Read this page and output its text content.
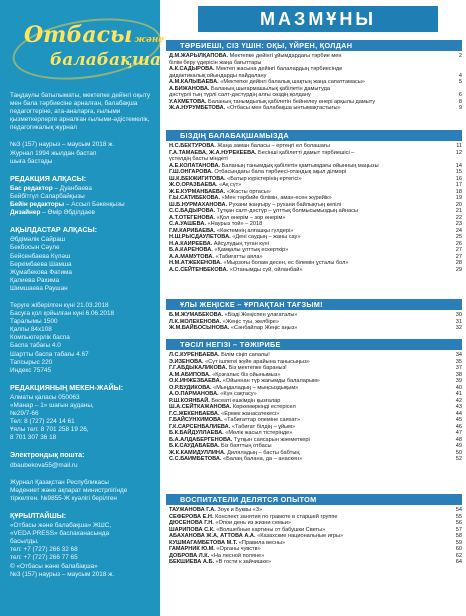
Отбасы және
балабақша

Таңдаулы батылыматы, мектепке дейінгі оқыту мен бала тәрбиесіне арналған, балабақша педагогтеріне, ата-аналарға, ғылыми қызметкерлерге арналған ғылыми-әдістемелік, педагогикалық журнал

№3 (157) наурыз – маусым 2018 ж.

Журнал 1994 жылдан бастап

шыға бастады

РЕДАКЦИЯ АЛҚАСЫ:

Бас редактор – Дуанбаева

Бейбітгүл Сапарбайқызы

Бейін редакторы – Ассыл Бәкенқызы

Дизайнер – Өмір Әбділдаев

АҚЫЛДАСТАР АЛҚАСЫ:

Әбдімәлік Сайраш

Бекбосын Сәуле

Бейсенбаева Күләш

Беркімбаева Шамша

Жұмабекова Фатима

Қалиева Рахима

Шимшаева Раушан

Теруге жіберілген күні 21.03.2018

Басуға қол қойылған күні 6.06.2018

Таралымы 1500

Қалпы 84x108

Компьютерлік баспа

Баспа табағы 4.0

Шартты баспа табағы 4.67

Тапсырыс 220

Индекс 75745

РЕДАКЦИЯНЫҢ МЕКЕН-ЖАЙЫ:

Алматы қаласы 050063

«Манар – 1» шағын ауданы,

№29/7-66

Тел: 8 (727) 224 14 61

Ұялы тел: 8 701 258 19 26,

8 701 307 36 18

Электрондық пошта:

dbaubekova55@mail.ru

Журнал Қазақстан Республикасы

Мәдениет және ақпарат министрлігінде

тіркелген. №9855-Ж куәлігі берілген

ҚҰРЫЛТАЙШЫ:

«Отбасы және балабақша» ЖШС,

«VEDA PRESS» баспаханасында

басылды.

тел: +7 (727) 266 32 68

тел: +7 (727) 266 77 65

© «Отбасы және балабақша»

№3 (157) наурыз – маусым 2018 ж.

МАЗМҰНЫ
ТӘРБИЕШІ, СІЗ ҮШІН: ОҚЫ, ҮЙРЕН, ҚОЛДАН
Д.М.ЖАРЫЛҚАПОВА. Мектепке дейінгі ұйымдардағы тәрбие мен	2
білім беру үдерісін жаңа бағыттары
А.К.САДЫРОВА. Мектеп жасына дейінгі балалардың тәрбиесінде
дидактикалық ойындарды пайдалану	4
А.М.КАЛЫБАЕВА. «Мектепке дейінгі балалық шақтың жаңа сапаттамасы»	5
А.БИЖАНОВА. Баланың шығармашылық қабілетін дамытуда
дәстүрлі тың түрлі салт-дәстүрдің алғы сөздің қолдану	6
У.АХМЕТОВА. Баланың танымдылық қабілетін бейнелеу өнері арқылы дамыту	8
Ж.А.НУРУМБЕТОВА. «Отбасы мен балабақша ынтымақтастығы»	9
БІЗДІҢ БАЛАБАҚШАМЫЗДА
Н.С.БЕКТУРОВА. Жаңа заман баласы – ертеңгі ел болашағы	11
Г.А.ТАМАЕВА, Ж.А.НУРЕКЕЕВА. Бесінші қабілетті дамыт тәрбиешісі –	12
үстелдің басты міндеті
А.Е.КОЛАТАНОВА. Баланың танымдық қабілетін қамтымдағы ойынның маңызы	14
Г.Ш.ОНГАРОВА. Отбасындағы бала тәрбиесі-отандық ақыл ділмәрі	15
Ш.К.БЕКЖИГИТОВА. «Батыр күрістерінің ертегісі»	16
Ж.О.ОРАЗБАЕВА. «Ақ сүт»	17
Ж.Е.КУРМАНБАЕВА. «Жасты ортасы»	18
Г.Ы.САТИБЕКОВА. «Мен тәрбийе білімін, аман-есен жүрейік»	19
Ш.Б.НУРМАХАНОВА. Рухани жаңғыру – рухани байлықтың кепілі	20
С.С.БАДЫРОВА. Тұтқан салт-дәстүр – ұлттық болмысымыздың айнасы	21
А.Т.ОТЕГЕНОВА. «Қол өнерім – зор өнерім»	22
С.А.УАШЕВА. «Наурыз той» – 2018	23
Г.М.КАРИБАЕВА. «Көктемнің алғашқы гүлдері»	24
Н.Ш.РЫСДАУЛЕТОВА. «Дені саудың – жаны сау»	25
Н.А.КАИРЕЕВА. Айсұлудың туған күні	26
Б.А.КАРЕНОВА. «Қамқалы ұлттық ескерткір»	27
А.А.МАМУТОВА. «Табиғатты аяла»	27
Н.М.АТЖЕКЕНОВА. «Мырзоғы болам десен, ес білемін ұсталы бол»	28
А.С.СЕЙТЕНБЕКОВА. «Отанымды сүй, ойланбай»	29
ҰЛЫ ЖЕҢІСКЕ – ҰРПАҚТАН ТАҒЗЫМ!
Б.М.ЖУМАБЕКОВА. «Бізді Жеңіспен ұлағаталы»	30
Л.К.ЖОЛЕКЕНОВА. «Жеңіс туы, желбіре»	31
Ж.М.БАЙБОСЫНОВА. «Сәнбайлар Жеңіс аңыз»	32
ТӘСІЛ НЕГІЗІ – ТӘЖІРИБЕ
Л.С.КУРЕНБАЕВА. Білім сіңіп сапалы!	34
Э.ИЗЕНОВА. «Сүт ішпегеі жүйе арайына танысыңыз»	35
Г.Г.АБДЫКАЛИКОВА. Біз мектепке бараныз!	37
А.М.АБИПОВА. «Қозғалыс біз ойынымыз»	38
О.К.ИНЖЕЗБАЕВА. «Ойыннан түр жағымды балаларым»	39
О.Р.БУДИКОВА. «Мыңдаладың – мыңсыздықым»	40
А.О.ПАРМАНОВА. «Күн сақтасу»	41
Р.Ш.КОЯНБАЙ. Бөсеаті ешкімдін қызғалар	42
Ш.А.СЕЙТКАЖАНОВА. Көркемөркінді естерісел	43
Г.С.ЖЕКЕНБАЕВА. «Ермек жанасатекесі»	44
Г.БАЙСУНХИМОВА. «Табиғаттар опеміне саяхат»	45
Г.К.САРСЕНБАЛИЕВА. «Табиғат білдің – ұйым»	46
Б.К.БАЙДУЛЛАЕВА. «Мөлік жасыл тістерінде»	47
Б.А.АЛДАБЕРГЕНОВА. Тұтқын саясарын жәеметкері	48
Б.К.САУДАБАЕВА. Біз баяттың отбасы	49
Ж.К.КАМИДУЛЛИНА. Диляладың – басты бабтың	50
С.С.БАИМБЕТОВА. «Балаң балана, да – анаскен»	52
ВОСПИТАТЕЛИ ДЕЛЯТСЯ ОПЫТОМ
ТАУЖАНОВА Г.А. Зоук и Буквы «З»	54
СЕФЕРОВА Е.Н. Конспект занятия по грамоте в старшей группе	55
ДЮСЕНОВА Г.Н. «Опои день из жизни семьи»	56
ШАРИПОВА С.К. «Волшебные картины от бабушки Светы»	57
АБАХАНОВА Ж.А, АТТОВА А.А. «Казахские национальные игры»	58
КУШМАГАМБЕТОВА М.Т. «Правила весны»	59
ГАМАРНИК Ю.М. «Органы чувств»	60
ДОБРОВА Л.К. «На лесной поляне»	62
БЕКШИЕВА А.Б. «В гости к зайчишке»	64
